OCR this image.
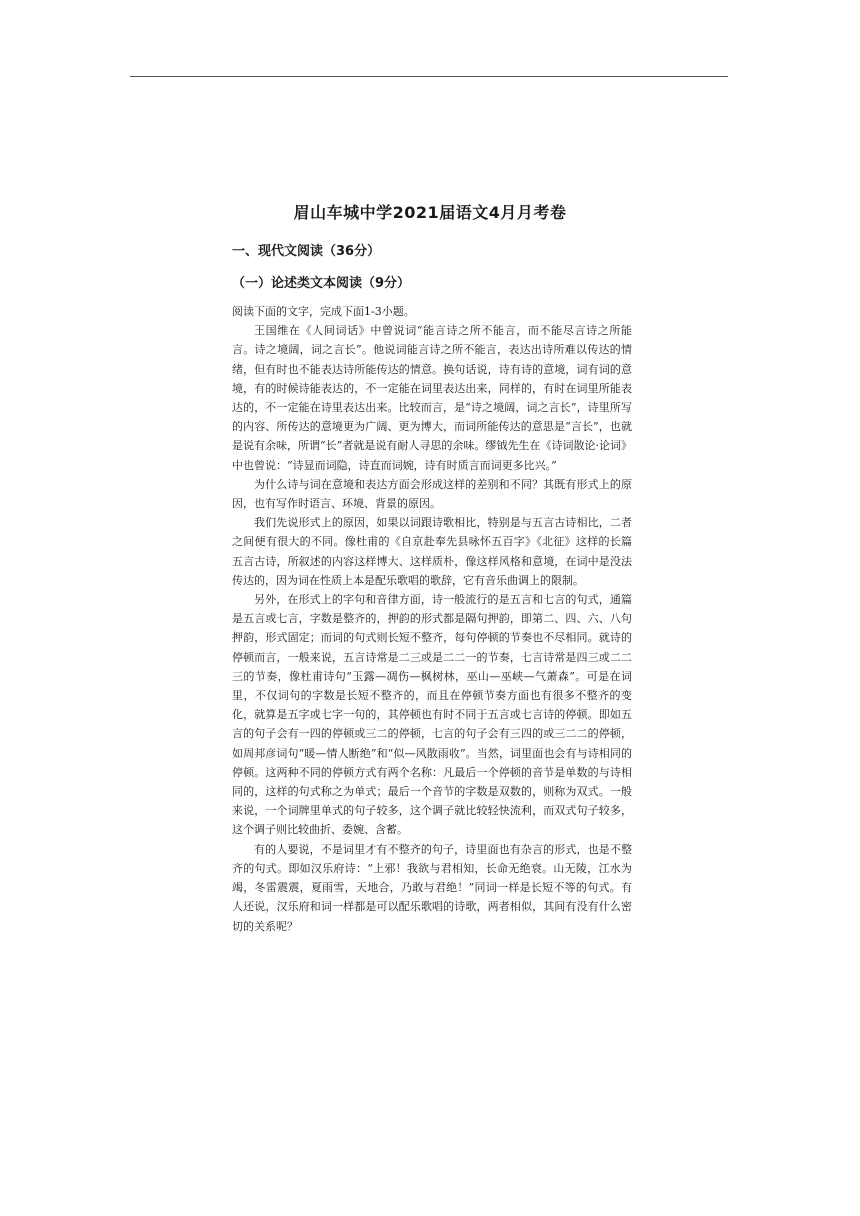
眉山车城中学2021届语文4月月考卷
一、现代文阅读（36分）
（一）论述类文本阅读（9分）

阅读下面的文字，完成下面1-3小题。

王国维在《人间词话》中曾说词“能言诗之所不能言，而不能尽言诗之所能言。诗之境阔，词之言长”。他说词能言诗之所不能言，表达出诗所难以传达的情绪，但有时也不能表达诗所能传达的情意。换句话说，诗有诗的意境，词有词的意境，有的时候诗能表达的，不一定能在词里表达出来，同样的，有时在词里所能表达的，不一定能在诗里表达出来。比较而言，是“诗之境阔，词之言长”，诗里所写的内容、所传达的意境更为广阔、更为博大，而词所能传达的意思是“言长”，也就是说有余味，所谓“长”者就是说有耐人寻思的余味。缪钺先生在《诗词散论·论词》中也曾说：“诗显而词隐，诗直而词婉，诗有时质言而词更多比兴。”

为什么诗与词在意境和表达方面会形成这样的差别和不同？其既有形式上的原因，也有写作时语言、环境、背景的原因。

我们先说形式上的原因，如果以词跟诗歌相比，特别是与五言古诗相比，二者之间便有很大的不同。像杜甫的《自京赴奉先县咏怀五百字》《北征》这样的长篇五言古诗，所叙述的内容这样博大、这样质朴，像这样风格和意境，在词中是没法传达的，因为词在性质上本是配乐歌唱的歌辞，它有音乐曲调上的限制。

另外，在形式上的字句和音律方面，诗一般流行的是五言和七言的句式，通篇是五言或七言，字数是整齐的，押韵的形式都是隔句押韵，即第二、四、六、八句押韵，形式固定；而词的句式则长短不整齐，每句停顿的节奏也不尽相同。就诗的停顿而言，一般来说，五言诗常是二三或是二二一的节奏，七言诗常是四三或二二三的节奏，像杜甫诗句“玉露—凋伤—枫树林，巫山—巫峡—气萧森”。可是在词里，不仅词句的字数是长短不整齐的，而且在停顿节奏方面也有很多不整齐的变化，就算是五字或七字一句的，其停顿也有时不同于五言或七言诗的停顿。即如五言的句子会有一四的停顿或三二的停顿，七言的句子会有三四的或三二二的停顿，如周邦彦词句“暖—情人断绝”和“似—风散雨收”。当然，词里面也会有与诗相同的停顿。这两种不同的停顿方式有两个名称：凡最后一个停顿的音节是单数的与诗相同的，这样的句式称之为单式；最后一个音节的字数是双数的，则称为双式。一般来说，一个词牌里单式的句子较多，这个调子就比较轻快流利，而双式句子较多，这个调子则比较曲折、委婉、含蓄。

有的人要说，不是词里才有不整齐的句子，诗里面也有杂言的形式，也是不整齐的句式。即如汉乐府诗：“上邪！我欲与君相知，长命无绝衰。山无陵，江水为竭，冬雷震震，夏雨雪，天地合，乃敢与君绝！”同词一样是长短不等的句式。有人还说，汉乐府和词一样都是可以配乐歌唱的诗歌，两者相似，其间有没有什么密切的关系呢？
